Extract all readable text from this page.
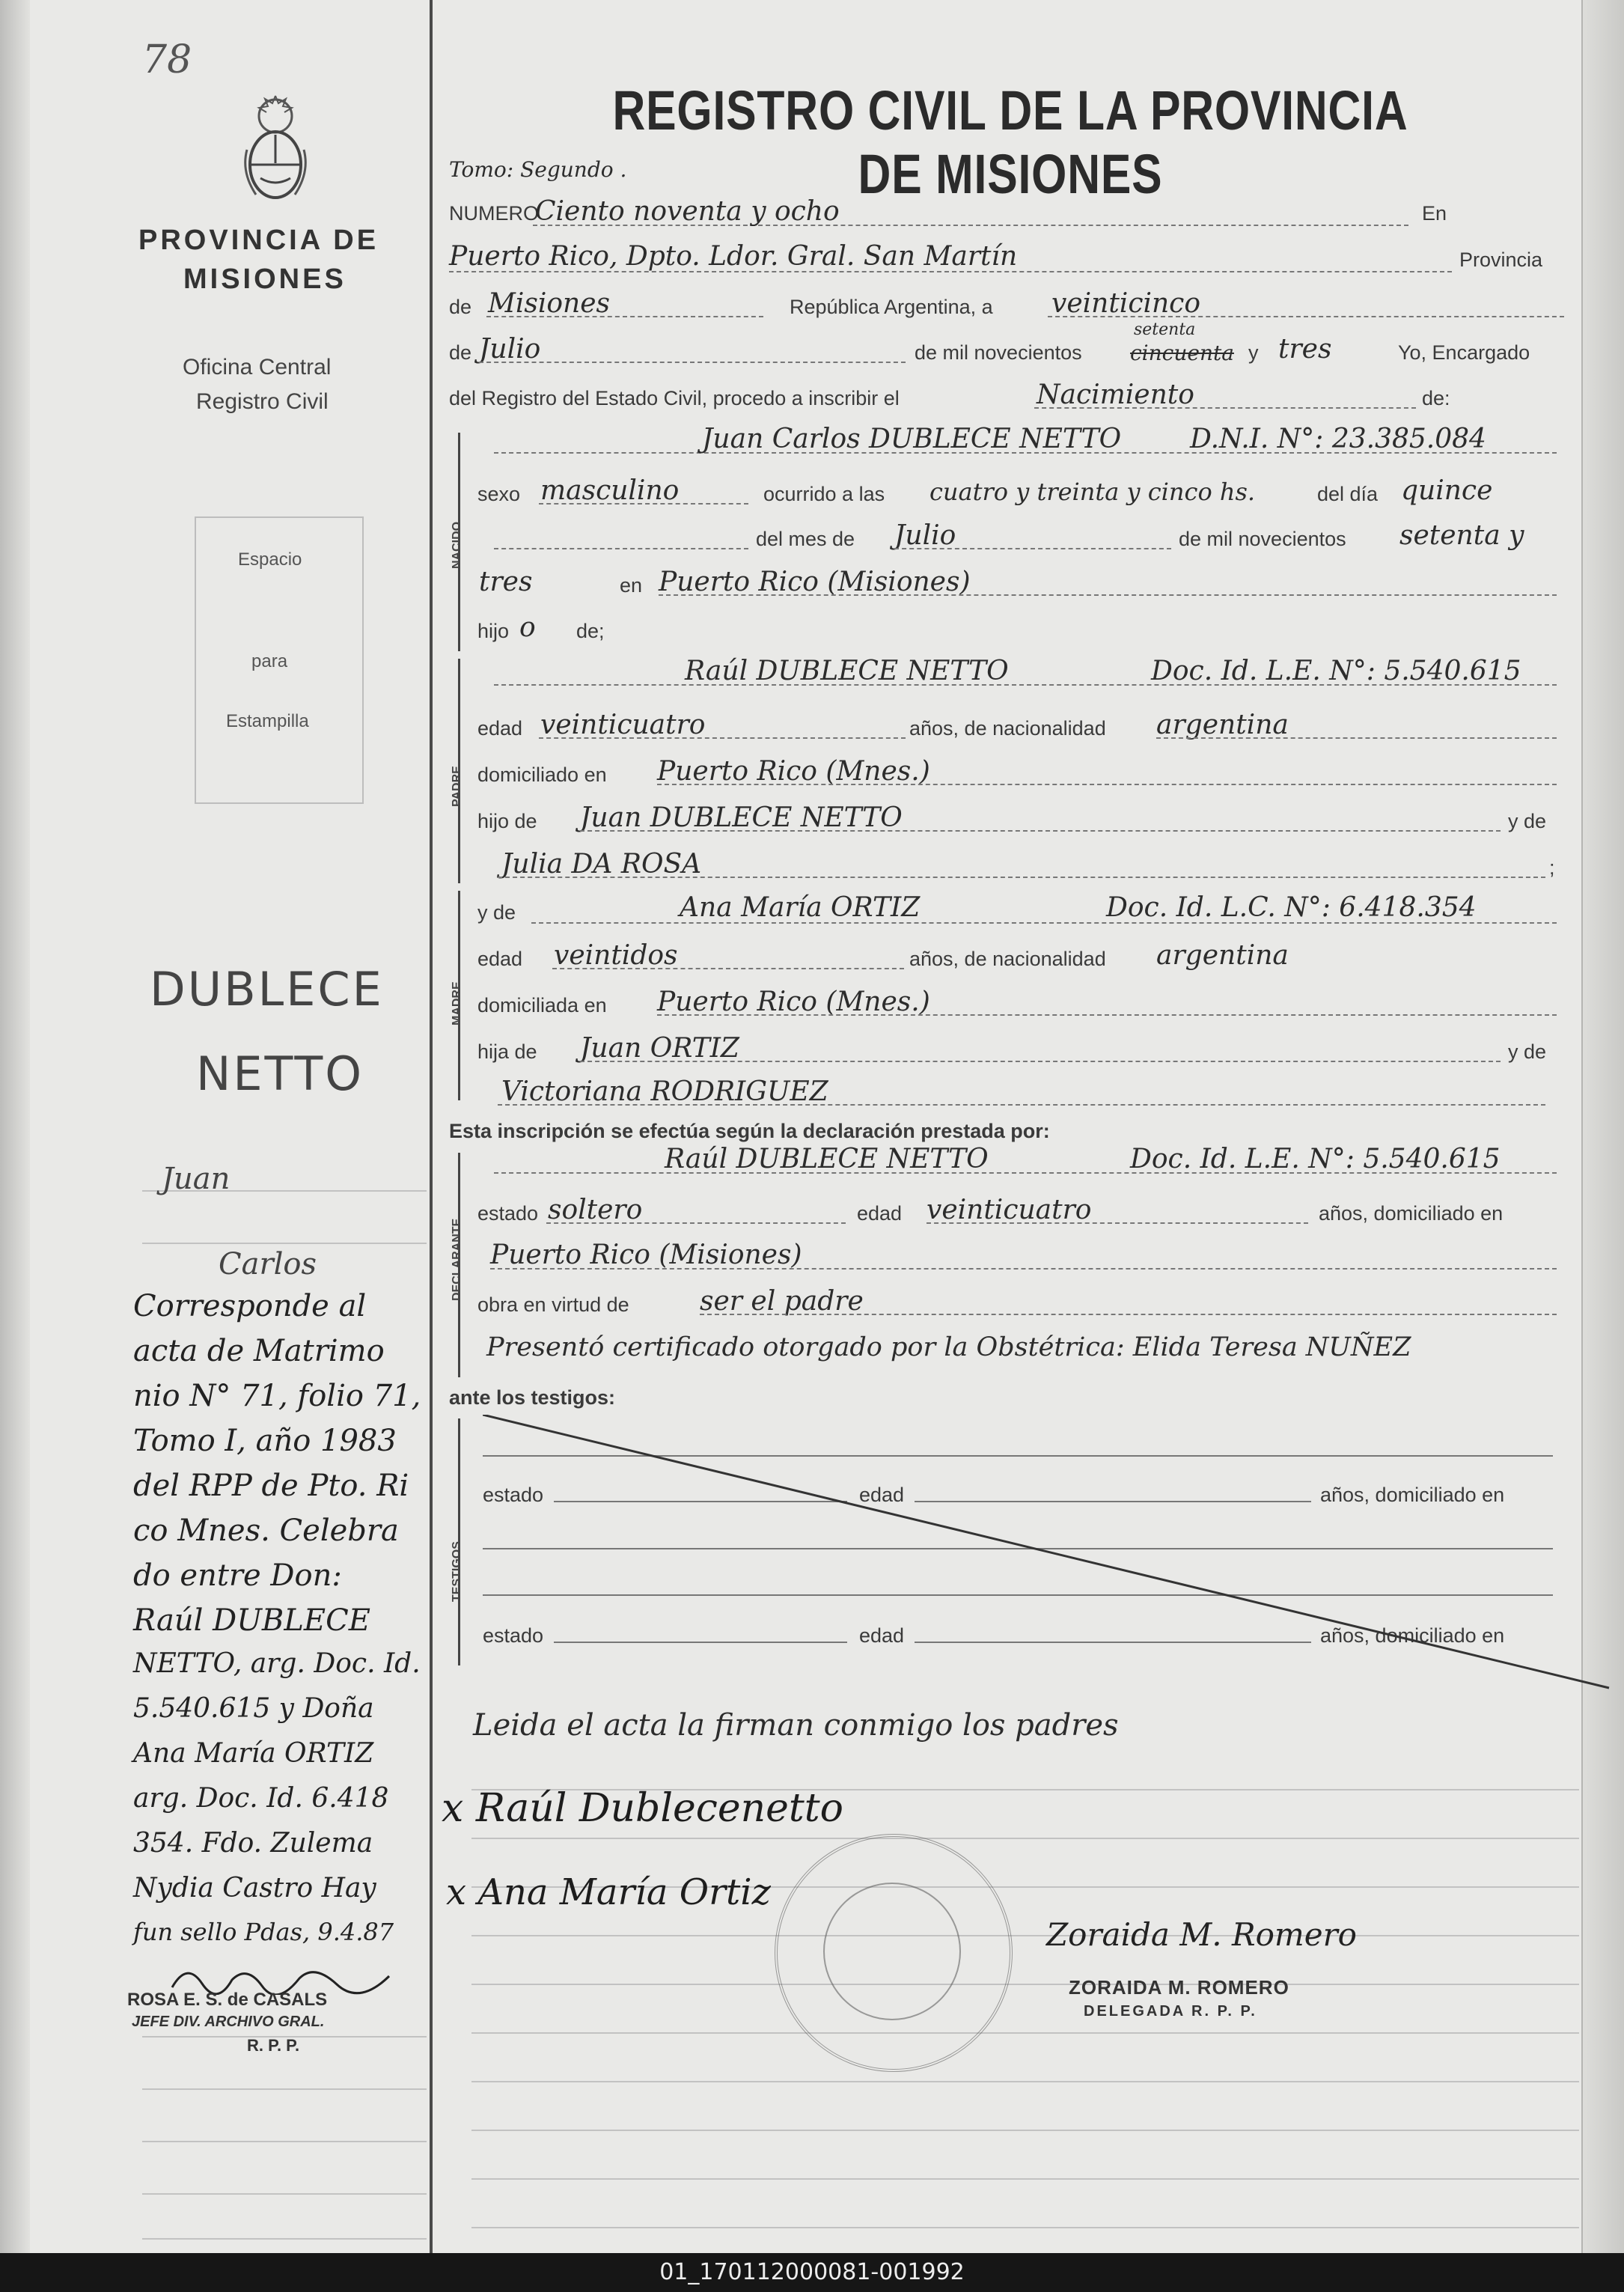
78
PROVINCIA DE
MISIONES
Oficina Central
Registro Civil
Espacio
para
Estampilla
DUBLECE
NETTO
Juan
Carlos
Corresponde al
acta de Matrimo
nio N° 71, folio 71,
Tomo I, año 1983
del RPP de Pto. Ri
co Mnes. Celebra
do entre Don:
Raúl DUBLECE
NETTO, arg. Doc. Id.
5.540.615 y Doña
Ana María ORTIZ
arg. Doc. Id. 6.418
354. Fdo. Zulema
Nydia Castro Hay
fun sello Pdas, 9.4.87
ROSA E. S. de CASALS
JEFE DIV. ARCHIVO GRAL.
R. P. P.
REGISTRO CIVIL DE LA PROVINCIA DE MISIONES
Tomo: Segundo .
NUMERO
Ciento noventa y ocho	En
Puerto Rico, Dpto. Ldor. Gral. San Martín	Provincia
de Misiones	República Argentina, a veinticinco
de Julio	de mil novecientos
setenta
cincuenta y tres	Yo, Encargado
del Registro del Estado Civil, procedo a inscribir el	Nacimiento	de:
NACIDO
Juan Carlos DUBLECE NETTO	D.N.I. N°: 23.385.084
sexo masculino	ocurrido a las cuatro y treinta y cinco hs.	del día quince
del mes de Julio	de mil novecientos setenta y
tres	en Puerto Rico (Misiones)
hijo o de;
PADRE
Raúl DUBLECE NETTO	Doc. Id. L.E. N°: 5.540.615
edad veinticuatro	años, de nacionalidad argentina
domiciliado en Puerto Rico (Mnes.)
hijo de Juan DUBLECE NETTO	y de
Julia DA ROSA	;
MADRE
y de	Ana María ORTIZ	Doc. Id. L.C. N°: 6.418.354
edad veintidos	años, de nacionalidad argentina
domiciliada en Puerto Rico (Mnes.)
hija de Juan ORTIZ	y de
Victoriana RODRIGUEZ
Esta inscripción se efectúa según la declaración prestada por:
DECLARANTE
Raúl DUBLECE NETTO	Doc. Id. L.E. N°: 5.540.615
estado soltero	edad veinticuatro	años, domiciliado en
Puerto Rico (Misiones)
obra en virtud de	ser el padre
Presentó certificado otorgado por la Obstétrica: Elida Teresa NUÑEZ
ante los testigos:
TESTIGOS
estado	edad	años, domiciliado en
estado	edad	años, domiciliado en
Leida el acta la firman conmigo los padres
x Raúl Dublecenetto
x Ana María Ortiz
Zoraida M. Romero
ZORAIDA M. ROMERO
DELEGADA R. P. P.
01_170112000081-001992
